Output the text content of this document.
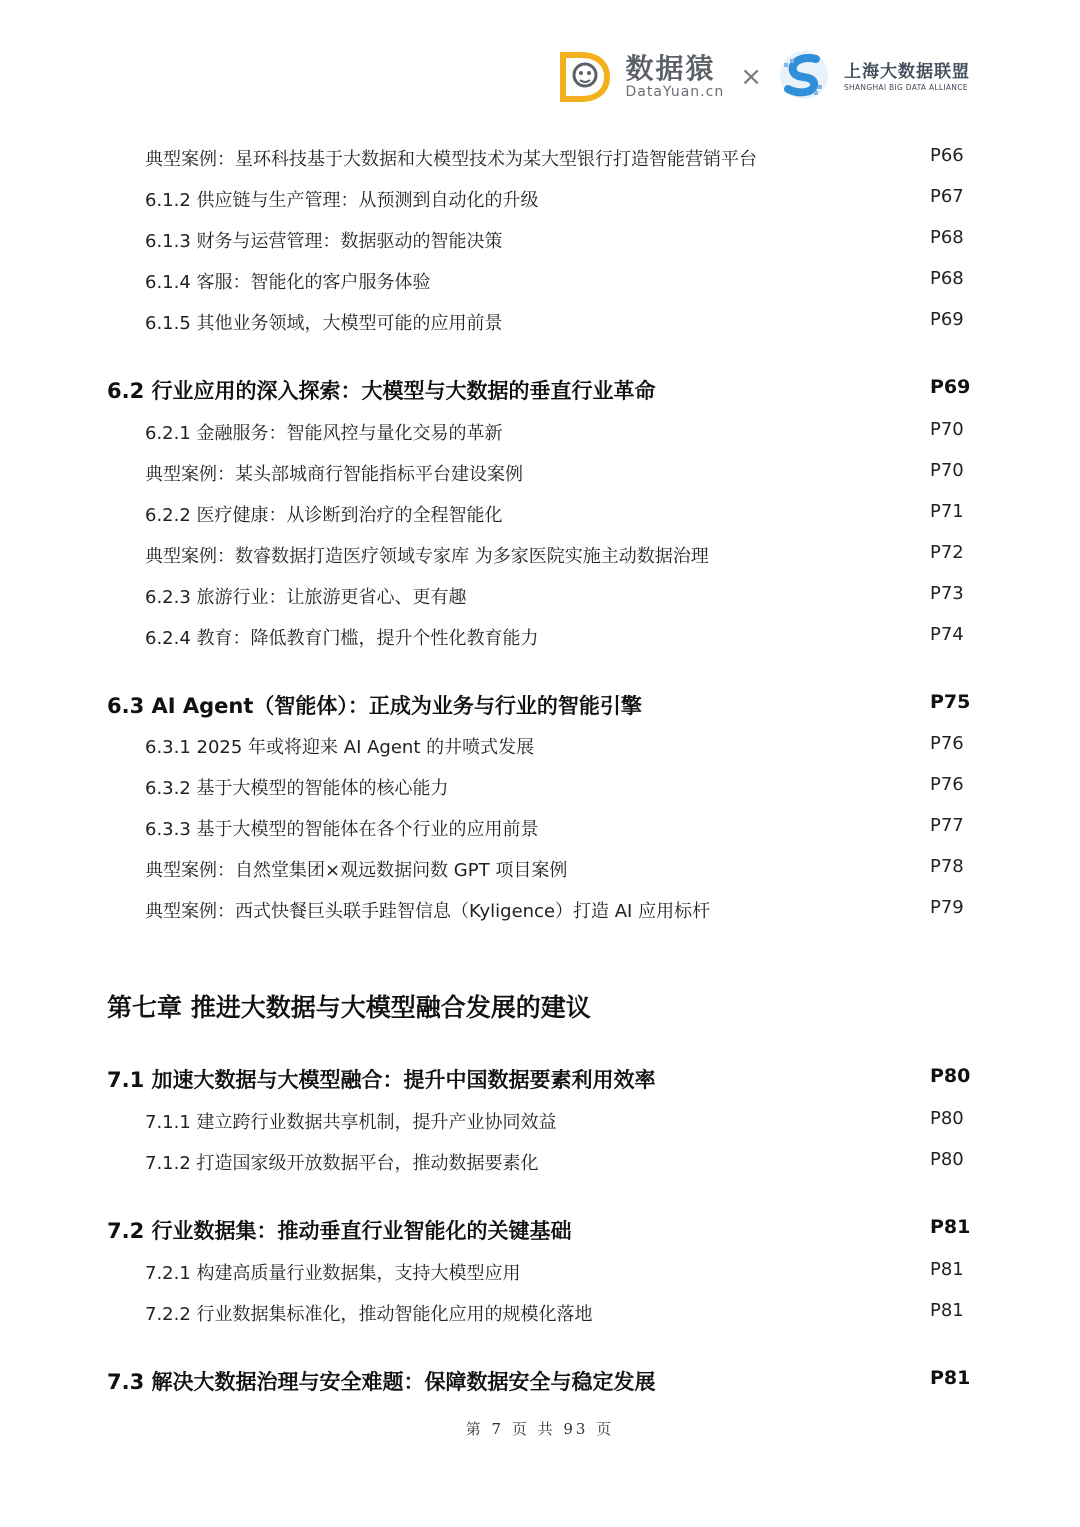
数据猿
DataYuan.cn ×	上海大数据联盟
SHANGHAI BIG DATA ALLIANCE
典型案例：星环科技基于大数据和大模型技术为某大型银行打造智能营销平台	P66
6.1.2 供应链与生产管理：从预测到自动化的升级	P67
6.1.3 财务与运营管理：数据驱动的智能决策	P68
6.1.4 客服：智能化的客户服务体验	P68
6.1.5 其他业务领域，大模型可能的应用前景	P69
6.2 行业应用的深入探索：大模型与大数据的垂直行业革命	P69
6.2.1 金融服务：智能风控与量化交易的革新	P70
典型案例：某头部城商行智能指标平台建设案例	P70
6.2.2 医疗健康：从诊断到治疗的全程智能化	P71
典型案例：数睿数据打造医疗领域专家库 为多家医院实施主动数据治理	P72
6.2.3 旅游行业：让旅游更省心、更有趣	P73
6.2.4 教育：降低教育门槛，提升个性化教育能力	P74
6.3 AI Agent（智能体）：正成为业务与行业的智能引擎	P75
6.3.1 2025 年或将迎来 AI Agent 的井喷式发展	P76
6.3.2 基于大模型的智能体的核心能力	P76
6.3.3 基于大模型的智能体在各个行业的应用前景	P77
典型案例：自然堂集团×观远数据问数 GPT 项目案例	P78
典型案例：西式快餐巨头联手跬智信息（Kyligence）打造 AI 应用标杆	P79
第七章 推进大数据与大模型融合发展的建议
7.1 加速大数据与大模型融合：提升中国数据要素利用效率	P80
7.1.1 建立跨行业数据共享机制，提升产业协同效益	P80
7.1.2 打造国家级开放数据平台，推动数据要素化	P80
7.2 行业数据集：推动垂直行业智能化的关键基础	P81
7.2.1 构建高质量行业数据集，支持大模型应用	P81
7.2.2 行业数据集标准化，推动智能化应用的规模化落地	P81
7.3 解决大数据治理与安全难题：保障数据安全与稳定发展	P81
第 7 页 共 93 页
